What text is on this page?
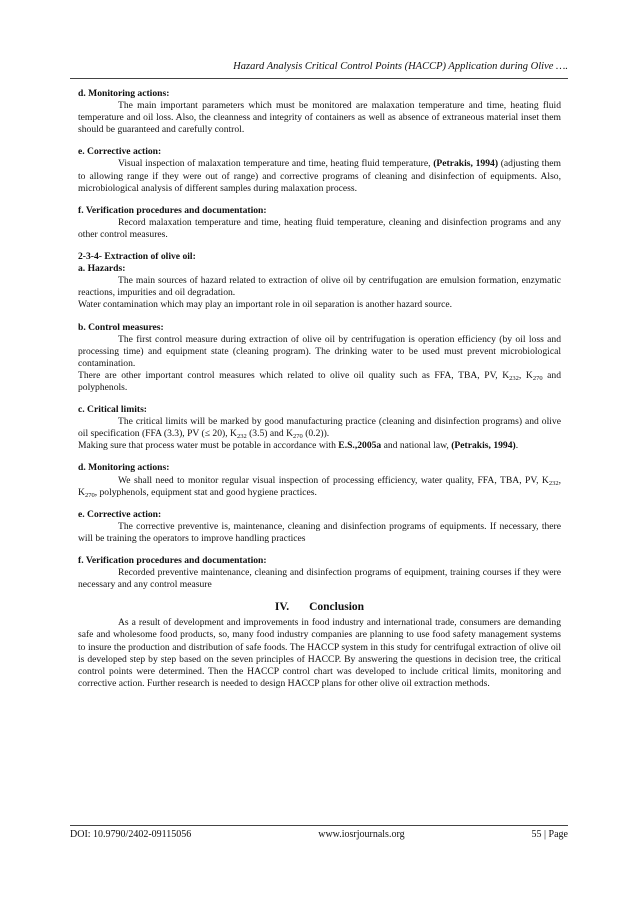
Hazard Analysis Critical Control Points (HACCP) Application during Olive ….
d. Monitoring actions:
The main important parameters which must be monitored are malaxation temperature and time, heating fluid temperature and oil loss. Also, the cleanness and integrity of containers as well as absence of extraneous material inset them should be guaranteed and carefully control.
e. Corrective action:
Visual inspection of malaxation temperature and time, heating fluid temperature, (Petrakis, 1994) (adjusting them to allowing range if they were out of range) and corrective programs of cleaning and disinfection of equipments. Also, microbiological analysis of different samples during malaxation process.
f. Verification procedures and documentation:
Record malaxation temperature and time, heating fluid temperature, cleaning and disinfection programs and any other control measures.
2-3-4- Extraction of olive oil:
a. Hazards:
The main sources of hazard related to extraction of olive oil by centrifugation are emulsion formation, enzymatic reactions, impurities and oil degradation.
Water contamination which may play an important role in oil separation is another hazard source.
b. Control measures:
The first control measure during extraction of olive oil by centrifugation is operation efficiency (by oil loss and processing time) and equipment state (cleaning program). The drinking water to be used must prevent microbiological contamination.
There are other important control measures which related to olive oil quality such as FFA, TBA, PV, $K_{232}$, $K_{270}$ and polyphenols.
c. Critical limits:
The critical limits will be marked by good manufacturing practice (cleaning and disinfection programs) and olive oil specification (FFA (3.3), PV (≤ 20), $K_{232}$ (3.5) and $K_{270}$ (0.2)).
Making sure that process water must be potable in accordance with E.S.,2005a and national law, (Petrakis, 1994).
d. Monitoring actions:
We shall need to monitor regular visual inspection of processing efficiency, water quality, FFA, TBA, PV, $K_{232}$, $K_{270}$, polyphenols, equipment stat and good hygiene practices.
e. Corrective action:
The corrective preventive is, maintenance, cleaning and disinfection programs of equipments. If necessary, there will be training the operators to improve handling practices
f. Verification procedures and documentation:
Recorded preventive maintenance, cleaning and disinfection programs of equipment, training courses if they were necessary and any control measure
IV. Conclusion
As a result of development and improvements in food industry and international trade, consumers are demanding safe and wholesome food products, so, many food industry companies are planning to use food safety management systems to insure the production and distribution of safe foods. The HACCP system in this study for centrifugal extraction of olive oil is developed step by step based on the seven principles of HACCP. By answering the questions in decision tree, the critical control points were determined. Then the HACCP control chart was developed to include critical limits, monitoring and corrective action. Further research is needed to design HACCP plans for other olive oil extraction methods.
DOI: 10.9790/2402-09115056	www.iosrjournals.org	55 | Page
